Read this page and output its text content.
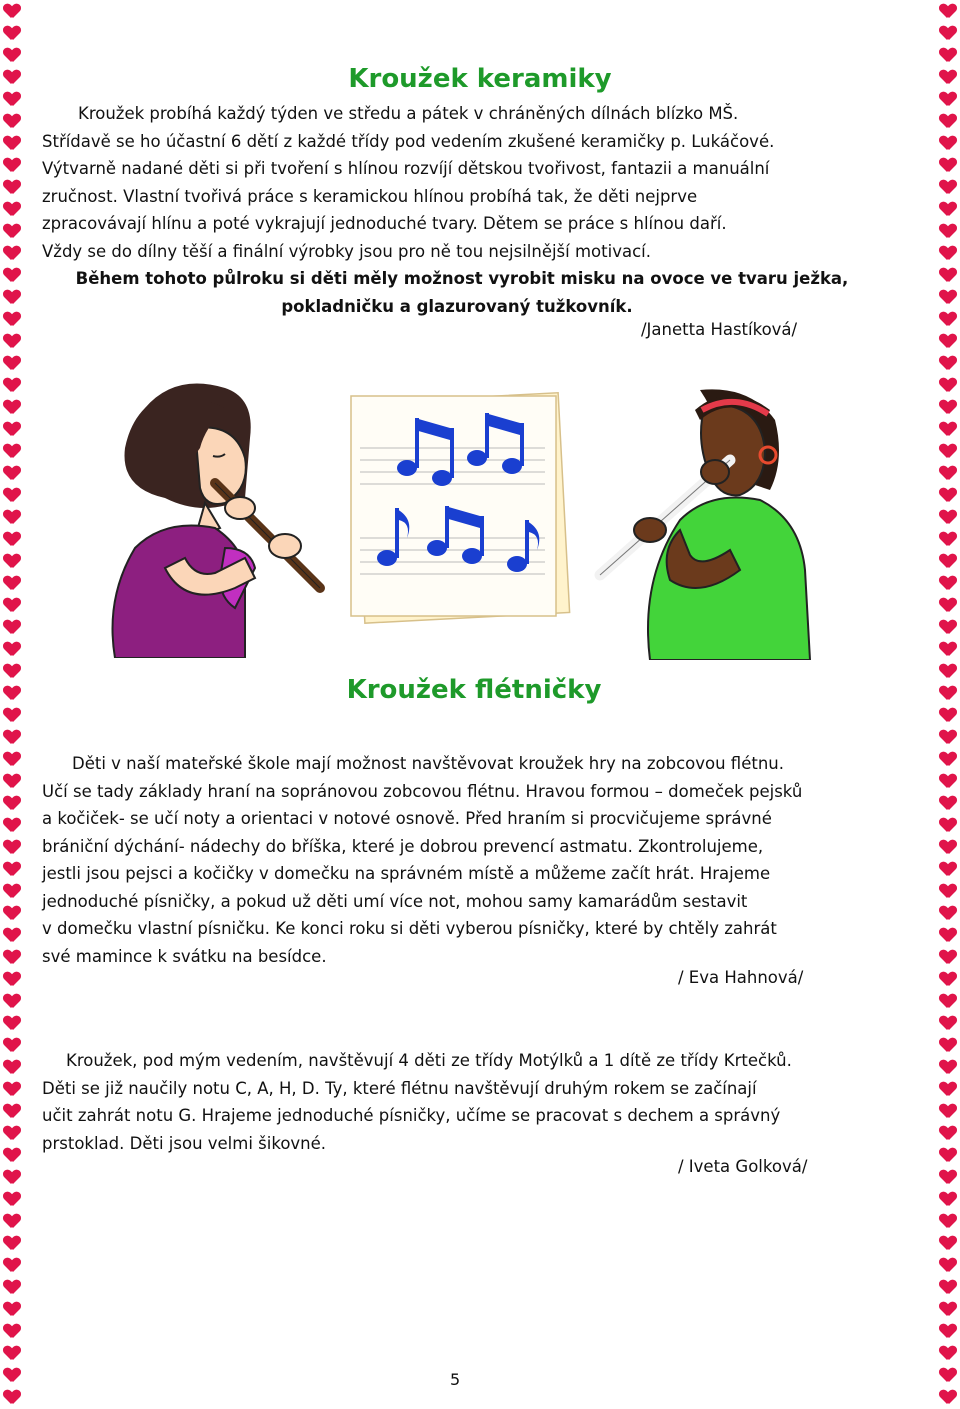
Kroužek keramiky

Kroužek probíhá každý týden ve středu a pátek v chráněných dílnách blízko MŠ.

Střídavě se ho účastní 6 dětí z každé třídy pod vedením zkušené keramičky p. Lukáčové.

Výtvarně nadané děti si při tvoření s hlínou rozvíjí dětskou tvořivost, fantazii a manuální

zručnost. Vlastní tvořivá práce s keramickou hlínou probíhá tak, že děti nejprve

zpracovávají hlínu a poté vykrajují jednoduché tvary. Dětem se práce s hlínou daří.

Vždy se do dílny těší a finální výrobky jsou pro ně tou nejsilnější motivací.

Během tohoto půlroku si děti měly možnost vyrobit misku na ovoce ve tvaru ježka,

pokladničku a glazurovaný tužkovník.

/Janetta Hastíková/
Kroužek flétničky

Děti v naší mateřské škole mají možnost navštěvovat kroužek hry na zobcovou flétnu.

Učí se tady základy hraní na sopránovou zobcovou flétnu. Hravou formou – domeček pejsků

a kočiček- se učí noty a orientaci v notové osnově. Před hraním si procvičujeme správné

brániční dýchání- nádechy do bříška, které je dobrou prevencí astmatu. Zkontrolujeme,

jestli jsou pejsci a kočičky v domečku na správném místě a můžeme začít hrát. Hrajeme

jednoduché písničky, a pokud už děti umí více not, mohou samy kamarádům sestavit

v domečku vlastní písničku. Ke konci roku si děti vyberou písničky, které by chtěly zahrát

své mamince k svátku na besídce.

/ Eva Hahnová/

Kroužek, pod mým vedením, navštěvují 4 děti ze třídy Motýlků a 1 dítě ze třídy Krtečků.

Děti se již naučily notu C, A, H, D. Ty, které flétnu navštěvují druhým rokem se začínají

učit zahrát notu G. Hrajeme jednoduché písničky, učíme se pracovat s dechem a správný

prstoklad. Děti jsou velmi šikovné.

/ Iveta Golková/
5
